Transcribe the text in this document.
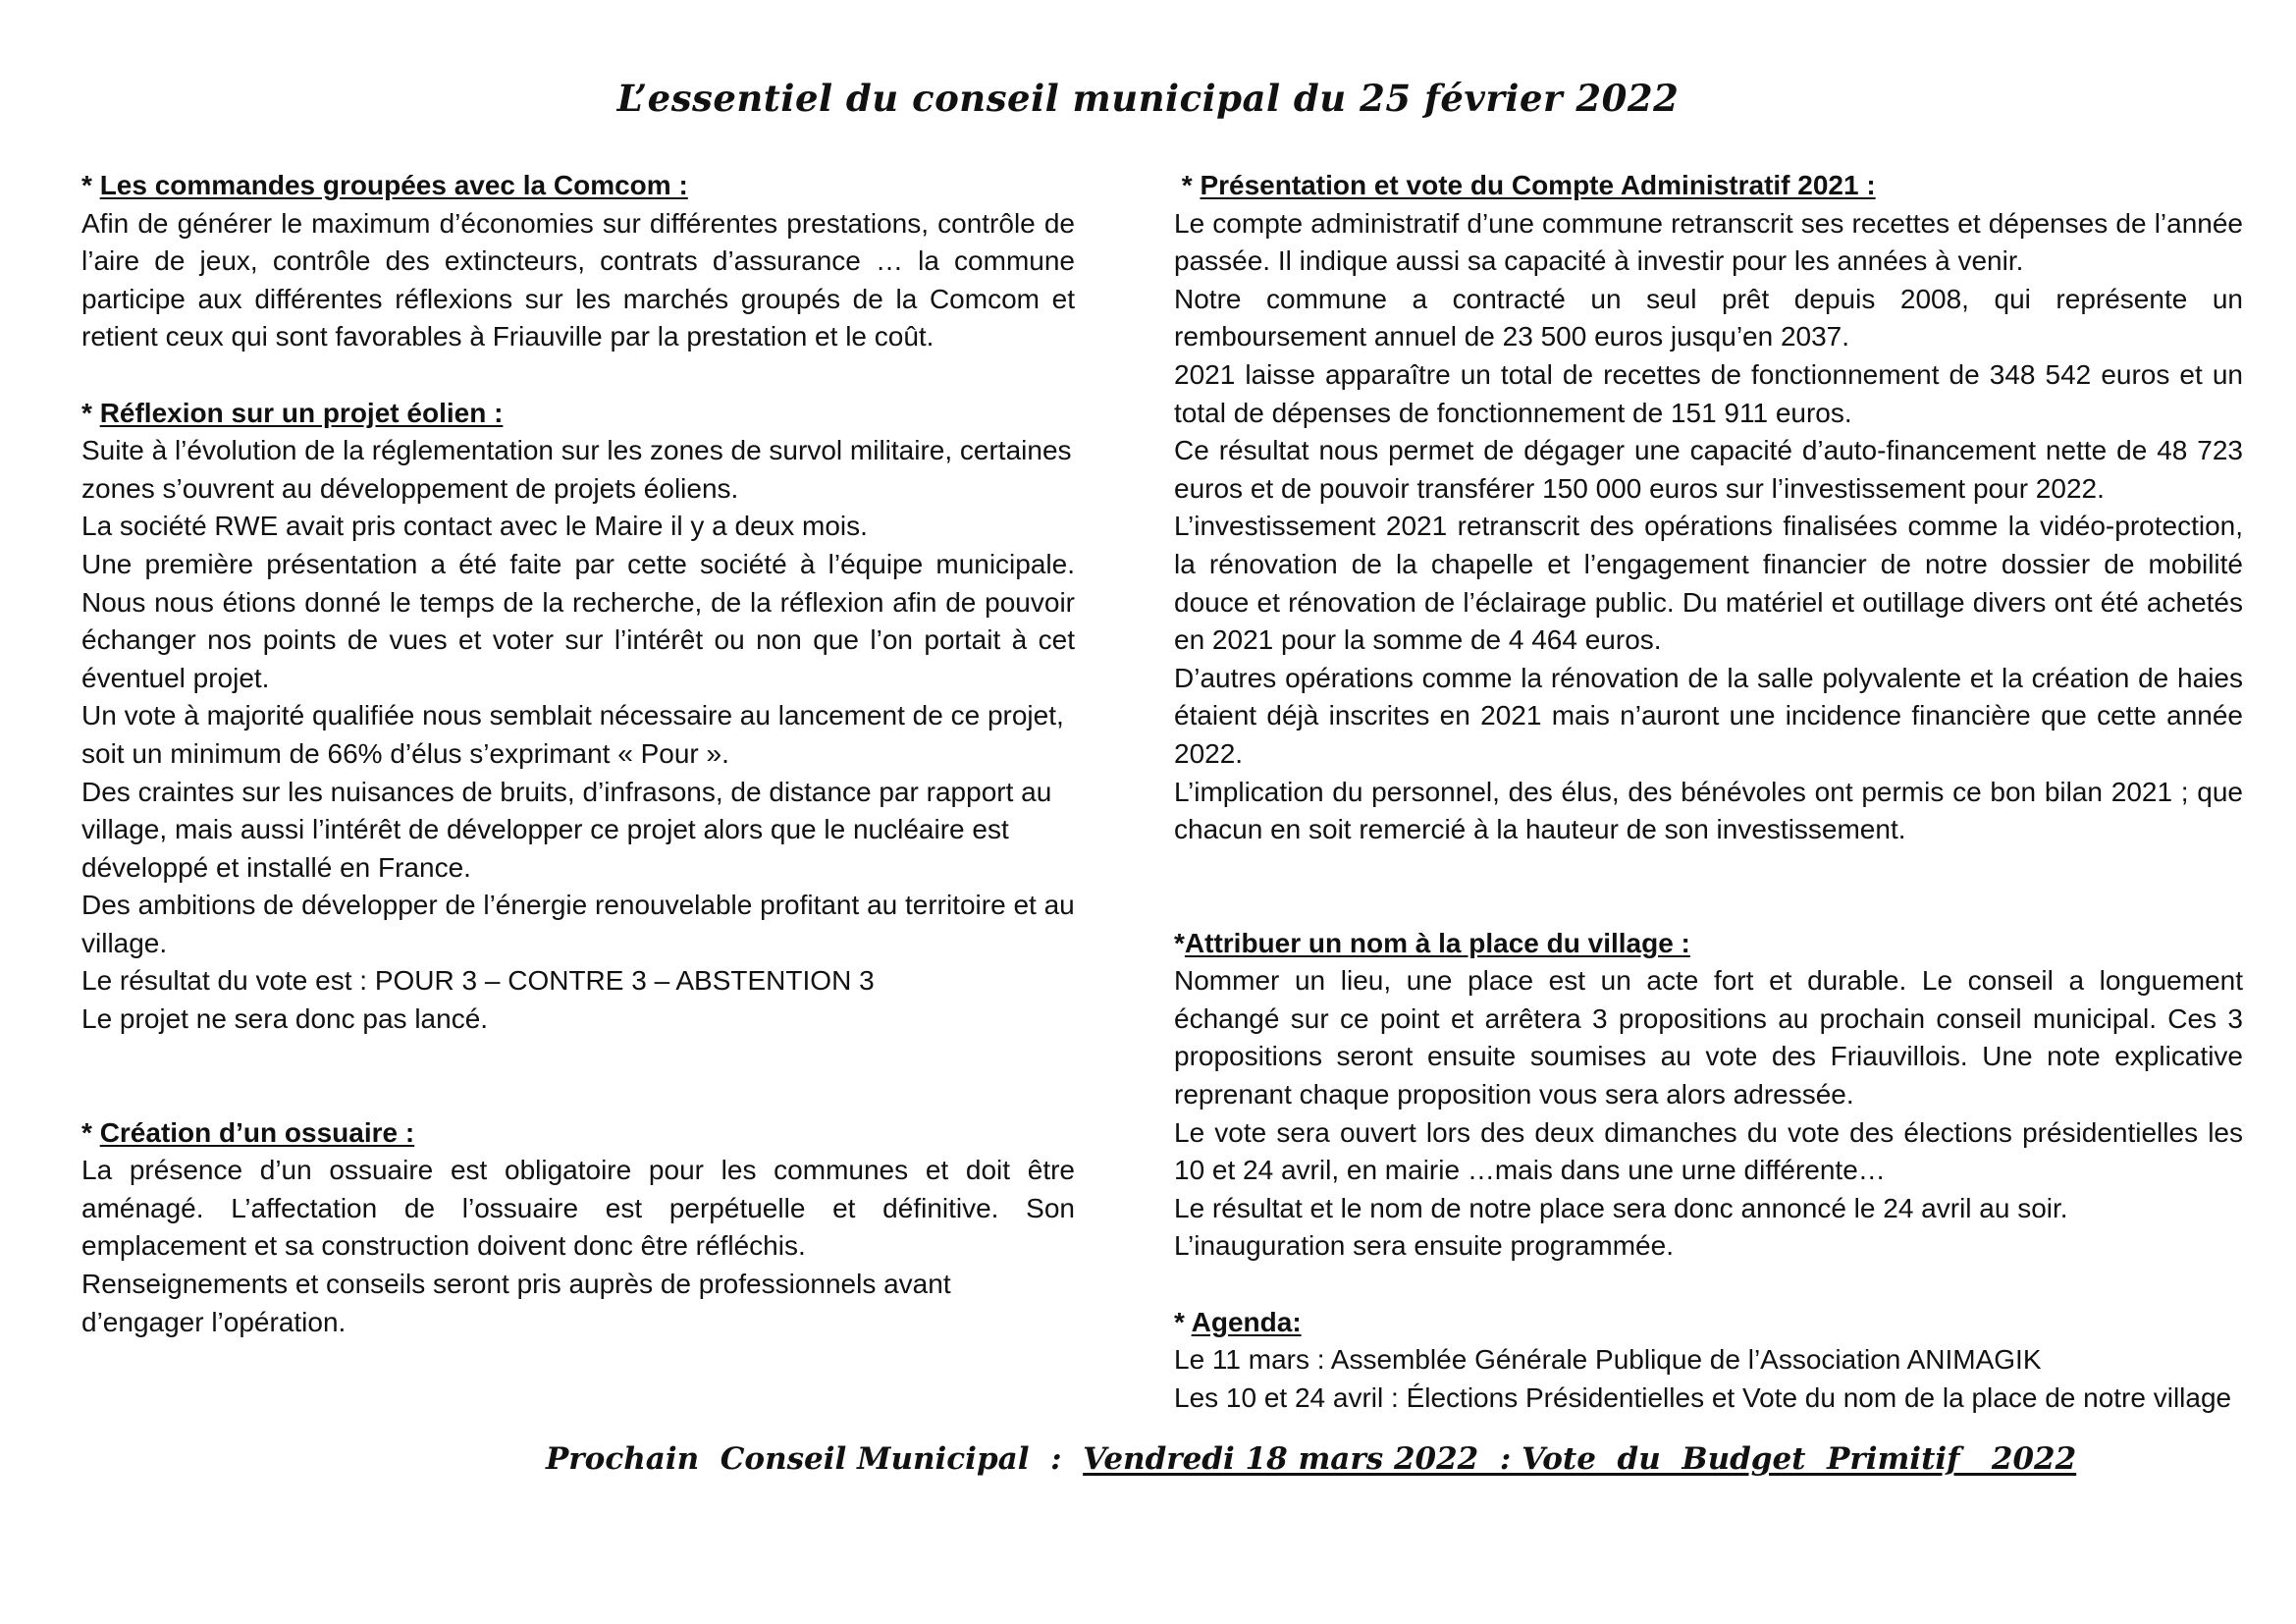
L’essentiel du conseil municipal du 25 février 2022

* Les commandes groupées avec la Comcom :

Afin de générer le maximum d’économies sur différentes prestations, contrôle de l’aire de jeux, contrôle des extincteurs, contrats d’assurance … la commune participe aux différentes réflexions sur les marchés groupés de la Comcom et retient ceux qui sont favorables à Friauville par la prestation et le coût.

* Réflexion sur un projet éolien :

Suite à l’évolution de la réglementation sur les zones de survol militaire, certaines zones s’ouvrent au développement de projets éoliens.

La société RWE avait pris contact avec le Maire il y a deux mois.

Une première présentation a été faite par cette société à l’équipe municipale. Nous nous étions donné le temps de la recherche, de la réflexion afin de pouvoir échanger nos points de vues et voter sur l’intérêt ou non que l’on portait à cet éventuel projet.

Un vote à majorité qualifiée nous semblait nécessaire au lancement de ce projet, soit un minimum de 66% d’élus s’exprimant « Pour ».

Des craintes sur les nuisances de bruits, d’infrasons, de distance par rapport au village, mais aussi l’intérêt de développer ce projet alors que le nucléaire est développé et installé en France.

Des ambitions de développer de l’énergie renouvelable profitant au territoire et au village.

Le résultat du vote est : POUR 3 – CONTRE 3 – ABSTENTION 3

Le projet ne sera donc pas lancé.

* Création d’un ossuaire :

La présence d’un ossuaire est obligatoire pour les communes et doit être aménagé. L’affectation de l’ossuaire est perpétuelle et définitive. Son emplacement et sa construction doivent donc être réfléchis.

Renseignements et conseils seront pris auprès de professionnels avant d’engager l’opération.

* Présentation et vote du Compte Administratif 2021 :

Le compte administratif d’une commune retranscrit ses recettes et dépenses de l’année passée. Il indique aussi sa capacité à investir pour les années à venir.

Notre commune a contracté un seul prêt depuis 2008, qui représente un remboursement annuel de 23 500 euros jusqu’en 2037.

2021 laisse apparaître un total de recettes de fonctionnement de 348 542 euros et un total de dépenses de fonctionnement de 151 911 euros.

Ce résultat nous permet de dégager une capacité d’auto-financement nette de 48 723 euros et de pouvoir transférer 150 000 euros sur l’investissement pour 2022.

L’investissement 2021 retranscrit des opérations finalisées comme la vidéo-protection, la rénovation de la chapelle et l’engagement financier de notre dossier de mobilité douce et rénovation de l’éclairage public. Du matériel et outillage divers ont été achetés en 2021 pour la somme de 4 464 euros.

D’autres opérations comme la rénovation de la salle polyvalente et la création de haies étaient déjà inscrites en 2021 mais n’auront une incidence financière que cette année 2022.

L’implication du personnel, des élus, des bénévoles ont permis ce bon bilan 2021 ; que chacun en soit remercié à la hauteur de son investissement.

*Attribuer un nom à la place du village :

Nommer un lieu, une place est un acte fort et durable. Le conseil a longuement échangé sur ce point et arrêtera 3 propositions au prochain conseil municipal. Ces 3 propositions seront ensuite soumises au vote des Friauvillois. Une note explicative reprenant chaque proposition vous sera alors adressée.

Le vote sera ouvert lors des deux dimanches du vote des élections présidentielles les 10 et 24 avril, en mairie …mais dans une urne différente…

Le résultat et le nom de notre place sera donc annoncé le 24 avril au soir.

L’inauguration sera ensuite programmée.

* Agenda:

Le 11 mars : Assemblée Générale Publique de l’Association ANIMAGIK

Les 10 et 24 avril : Élections Présidentielles et Vote du nom de la place de notre village

Prochain  Conseil Municipal  :  Vendredi 18 mars 2022  : Vote  du  Budget  Primitif   2022
